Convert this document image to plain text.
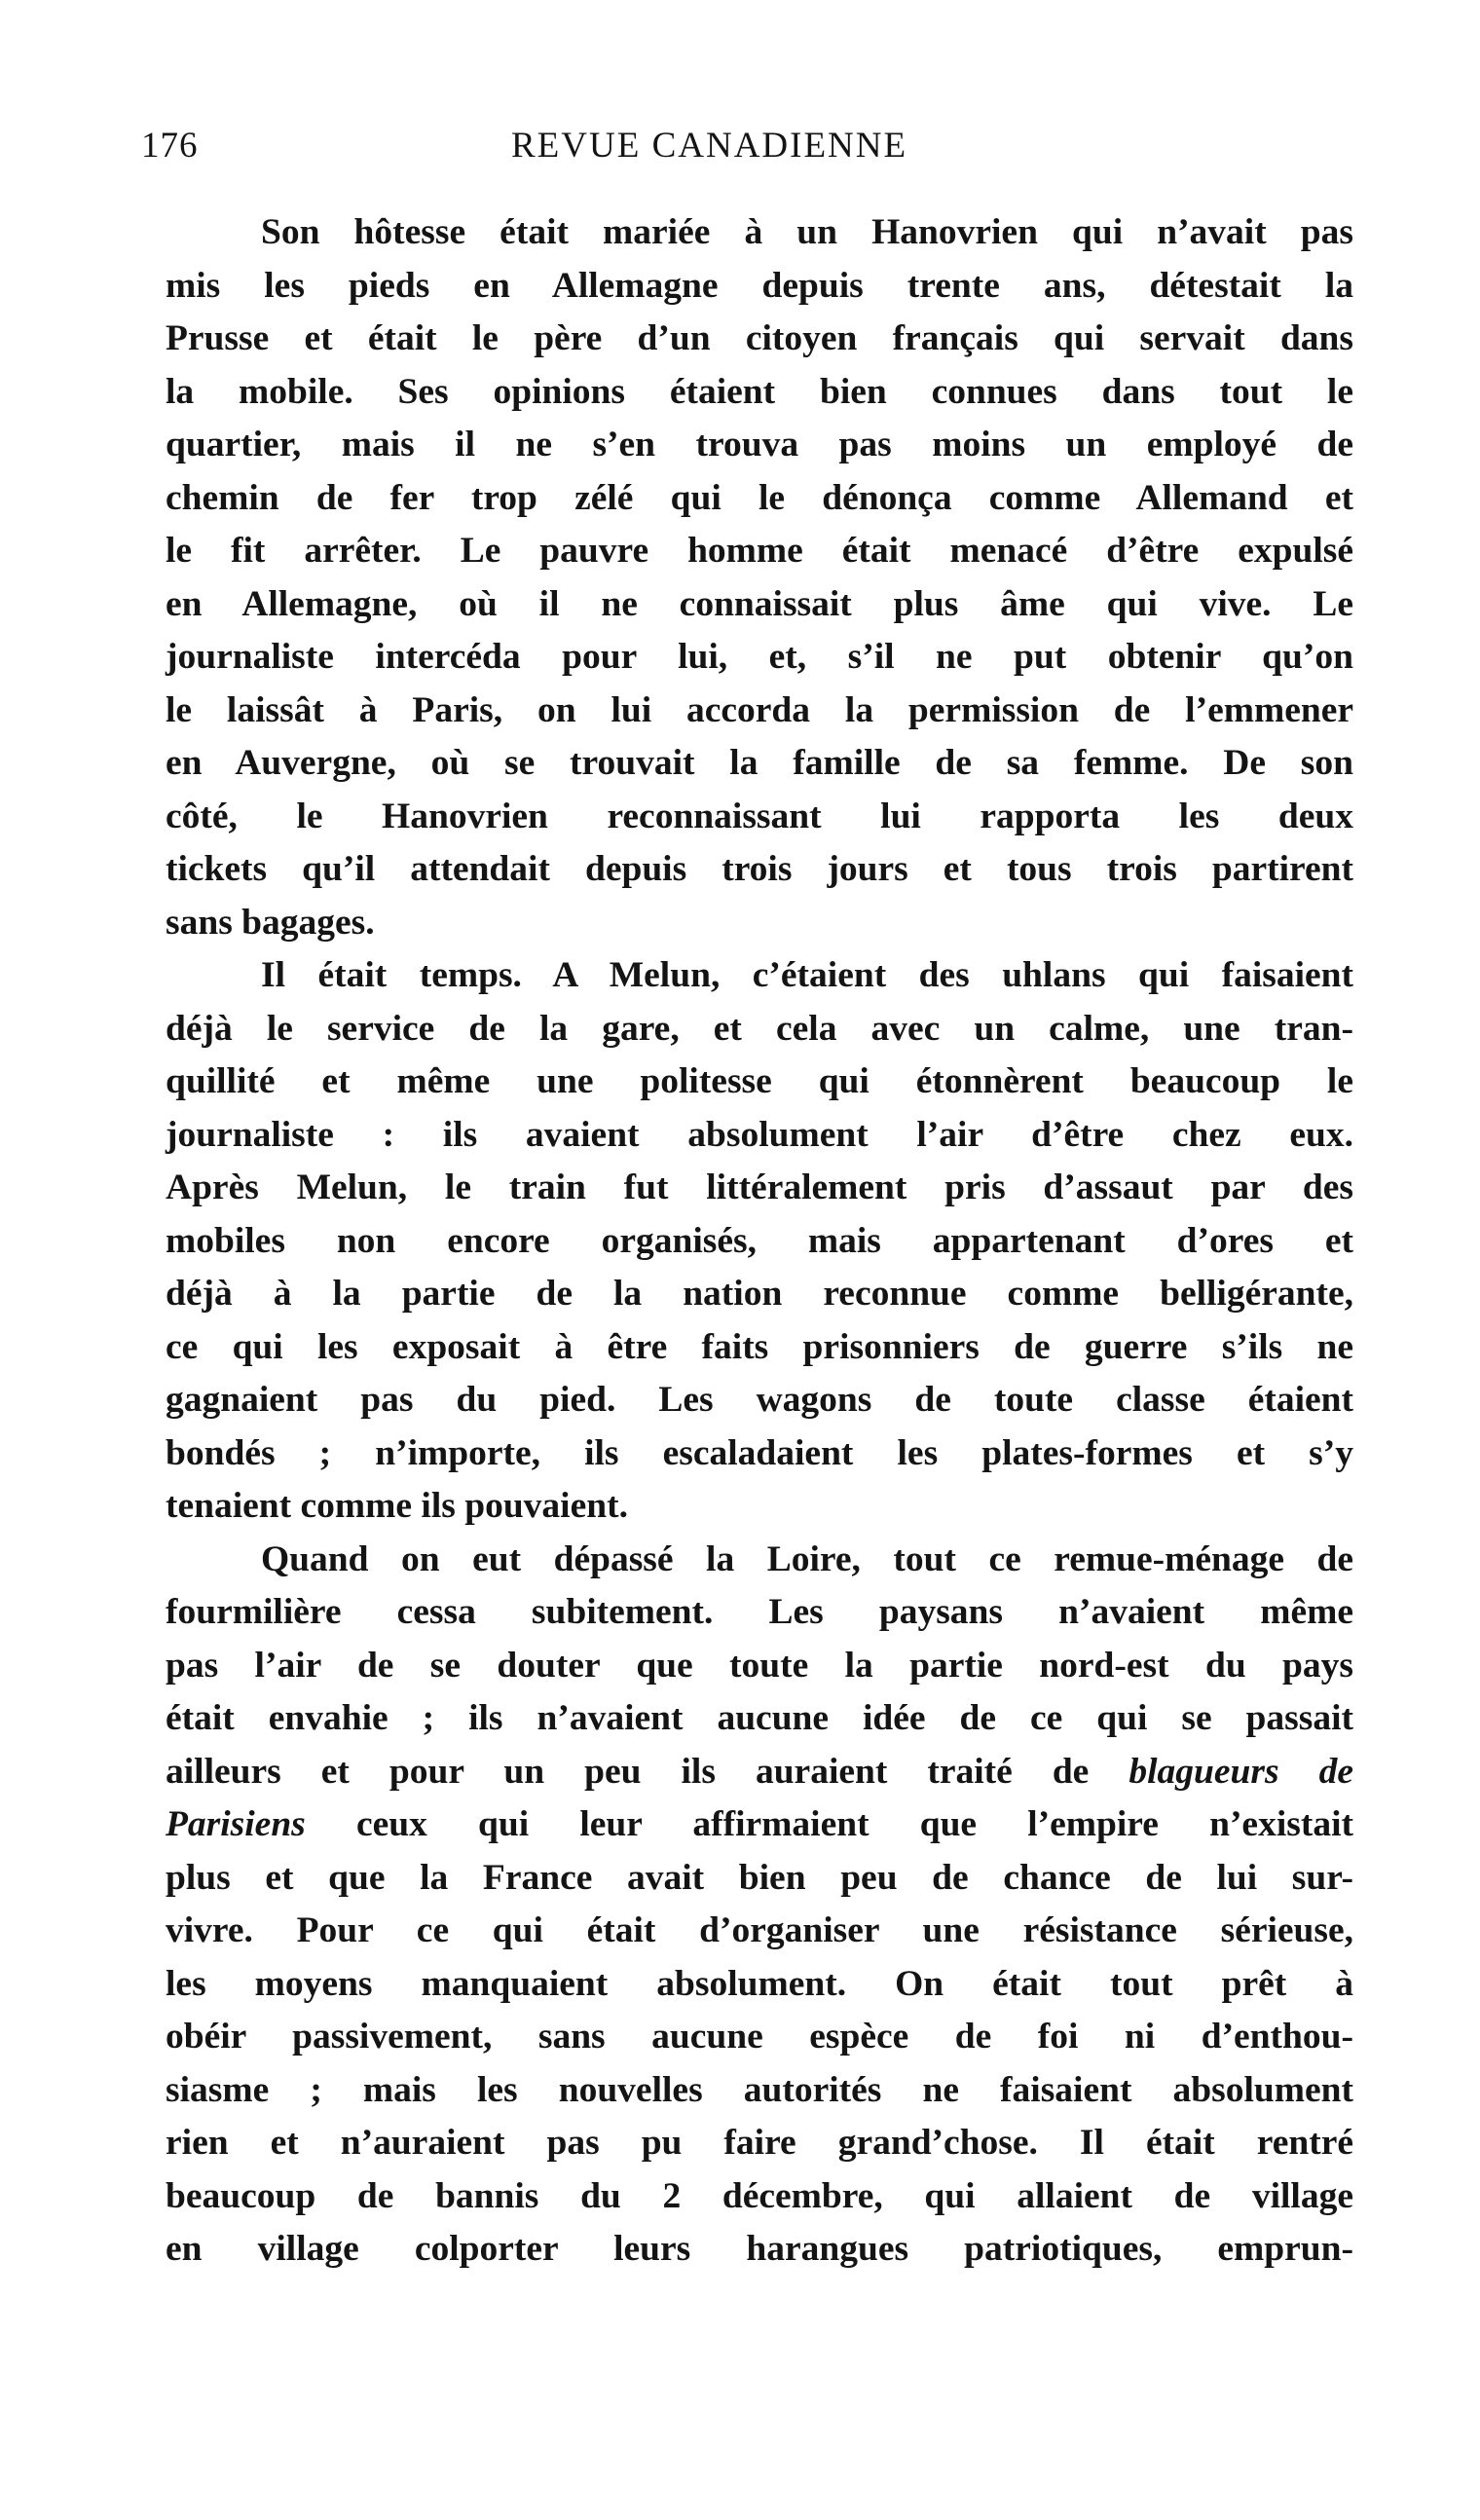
176	REVUE CANADIENNE
Son hôtesse était mariée à un Hanovrien qui n’avait pas
mis les pieds en Allemagne depuis trente ans, détestait la
Prusse et était le père d’un citoyen français qui servait dans
la mobile. Ses opinions étaient bien connues dans tout le
quartier, mais il ne s’en trouva pas moins un employé de
chemin de fer trop zélé qui le dénonça comme Allemand et
le fit arrêter. Le pauvre homme était menacé d’être expulsé
en Allemagne, où il ne connaissait plus âme qui vive. Le
journaliste intercéda pour lui, et, s’il ne put obtenir qu’on
le laissât à Paris, on lui accorda la permission de l’emmener
en Auvergne, où se trouvait la famille de sa femme. De son
côté, le Hanovrien reconnaissant lui rapporta les deux
tickets qu’il attendait depuis trois jours et tous trois partirent
sans bagages.
Il était temps. A Melun, c’étaient des uhlans qui faisaient
déjà le service de la gare, et cela avec un calme, une tran-
quillité et même une politesse qui étonnèrent beaucoup le
journaliste : ils avaient absolument l’air d’être chez eux.
Après Melun, le train fut littéralement pris d’assaut par des
mobiles non encore organisés, mais appartenant d’ores et
déjà à la partie de la nation reconnue comme belligérante,
ce qui les exposait à être faits prisonniers de guerre s’ils ne
gagnaient pas du pied. Les wagons de toute classe étaient
bondés ; n’importe, ils escaladaient les plates-formes et s’y
tenaient comme ils pouvaient.
Quand on eut dépassé la Loire, tout ce remue-ménage de
fourmilière cessa subitement. Les paysans n’avaient même
pas l’air de se douter que toute la partie nord-est du pays
était envahie ; ils n’avaient aucune idée de ce qui se passait
ailleurs et pour un peu ils auraient traité de blagueurs de
Parisiens ceux qui leur affirmaient que l’empire n’existait
plus et que la France avait bien peu de chance de lui sur-
vivre. Pour ce qui était d’organiser une résistance sérieuse,
les moyens manquaient absolument. On était tout prêt à
obéir passivement, sans aucune espèce de foi ni d’enthou-
siasme ; mais les nouvelles autorités ne faisaient absolument
rien et n’auraient pas pu faire grand’chose. Il était rentré
beaucoup de bannis du 2 décembre, qui allaient de village
en village colporter leurs harangues patriotiques, emprun-
